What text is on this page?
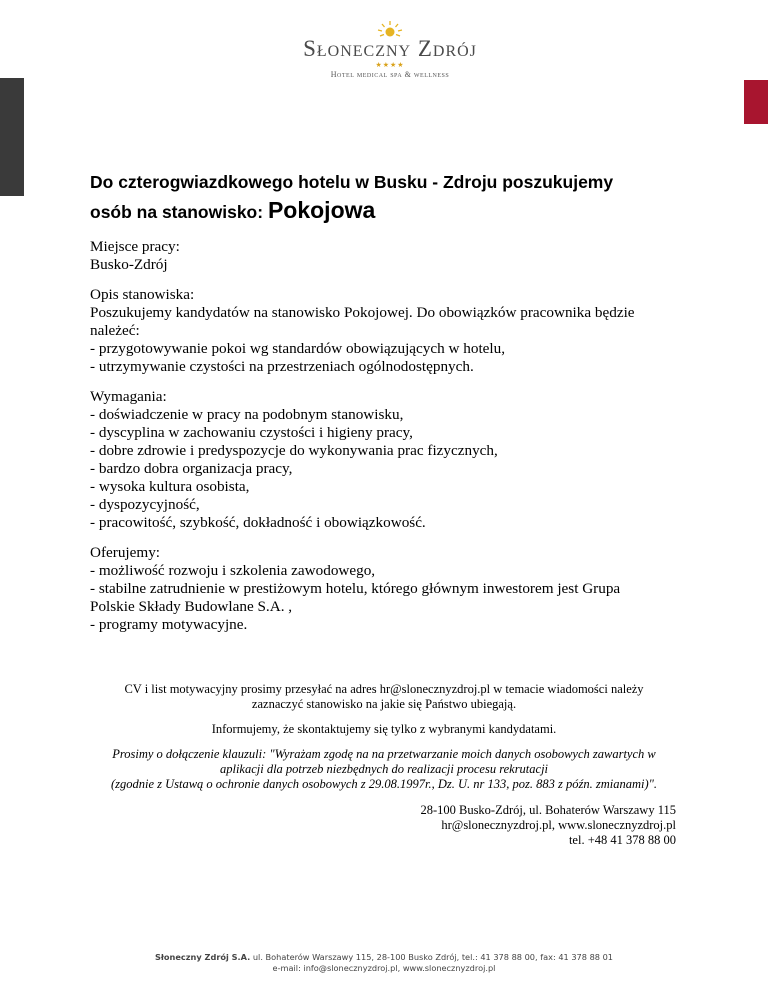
Słoneczny Zdrój
★★★★
Hotel medical spa & wellness
Do czterogwiazdkowego hotelu w Busku - Zdroju poszukujemy
osób na stanowisko: Pokojowa

Miejsce pracy:

Busko-Zdrój

Opis stanowiska:

Poszukujemy kandydatów na stanowisko Pokojowej. Do obowiązków pracownika będzie

należeć:

- przygotowywanie pokoi wg standardów obowiązujących w hotelu,

- utrzymywanie czystości na przestrzeniach ogólnodostępnych.

Wymagania:

- doświadczenie w pracy na podobnym stanowisku,

- dyscyplina w zachowaniu czystości i higieny pracy,

- dobre zdrowie i predyspozycje do wykonywania prac fizycznych,

- bardzo dobra organizacja pracy,

- wysoka kultura osobista,

- dyspozycyjność,

- pracowitość, szybkość, dokładność i obowiązkowość.

Oferujemy:

- możliwość rozwoju i szkolenia zawodowego,

- stabilne zatrudnienie w prestiżowym hotelu, którego głównym inwestorem jest Grupa

Polskie Składy Budowlane S.A. ,

- programy motywacyjne.

CV i list motywacyjny prosimy przesyłać na adres hr@slonecznyzdroj.pl w temacie wiadomości należy
zaznaczyć stanowisko na jakie się Państwo ubiegają.

Informujemy, że skontaktujemy się tylko z wybranymi kandydatami.

Prosimy o dołączenie klauzuli: "Wyrażam zgodę na na przetwarzanie moich danych osobowych zawartych w
aplikacji dla potrzeb niezbędnych do realizacji procesu rekrutacji
(zgodnie z Ustawą o ochronie danych osobowych z 29.08.1997r., Dz. U. nr 133, poz. 883 z późn. zmianami)".

28-100 Busko-Zdrój, ul. Bohaterów Warszawy 115

hr@slonecznyzdroj.pl, www.slonecznyzdroj.pl

tel. +48 41 378 88 00

Słoneczny Zdrój S.A. ul. Bohaterów Warszawy 115, 28-100 Busko Zdrój, tel.: 41 378 88 00, fax: 41 378 88 01
e-mail: info@slonecznyzdroj.pl, www.slonecznyzdroj.pl
